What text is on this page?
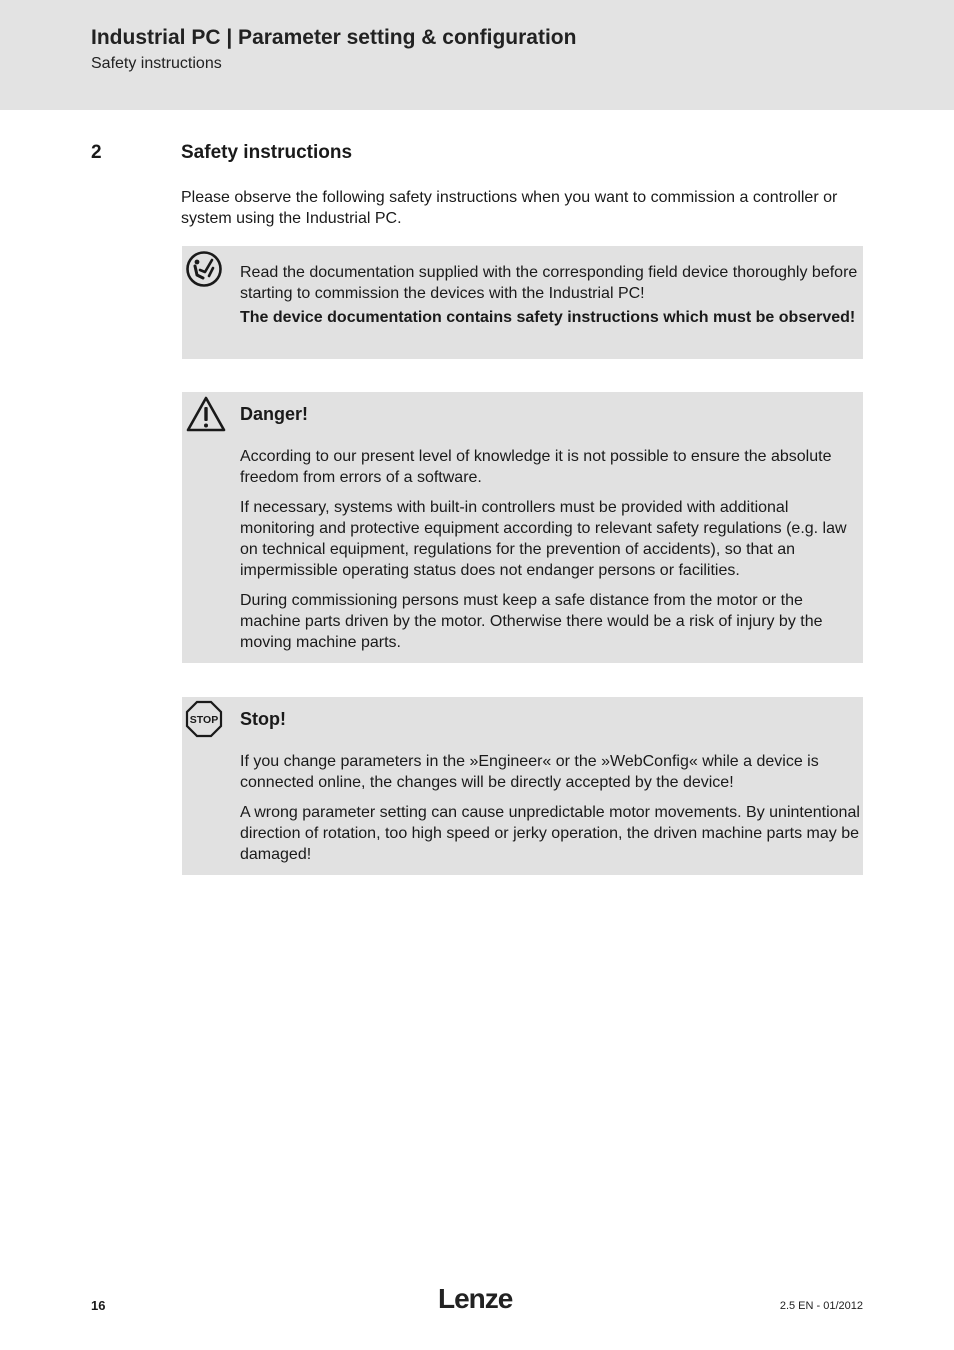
Industrial PC | Parameter setting & configuration
Safety instructions
2	Safety instructions
Please observe the following safety instructions when you want to commission a controller or system using the Industrial PC.

Read the documentation supplied with the corresponding field device thoroughly before starting to commission the devices with the Industrial PC!

The device documentation contains safety instructions which must be observed!

Danger!

According to our present level of knowledge it is not possible to ensure the absolute freedom from errors of a software.

If necessary, systems with built-in controllers must be provided with additional monitoring and protective equipment according to relevant safety regulations (e.g. law on technical equipment, regulations for the prevention of accidents), so that an impermissible operating status does not endanger persons or facilities.

During commissioning persons must keep a safe distance from the motor or the machine parts driven by the motor. Otherwise there would be a risk of injury by the moving machine parts.

STOP Stop!

If you change parameters in the »Engineer« or the »WebConfig« while a device is connected online, the changes will be directly accepted by the device!

A wrong parameter setting can cause unpredictable motor movements. By unintentional direction of rotation, too high speed or jerky operation, the driven machine parts may be damaged!

16	Lenze	2.5 EN - 01/2012
